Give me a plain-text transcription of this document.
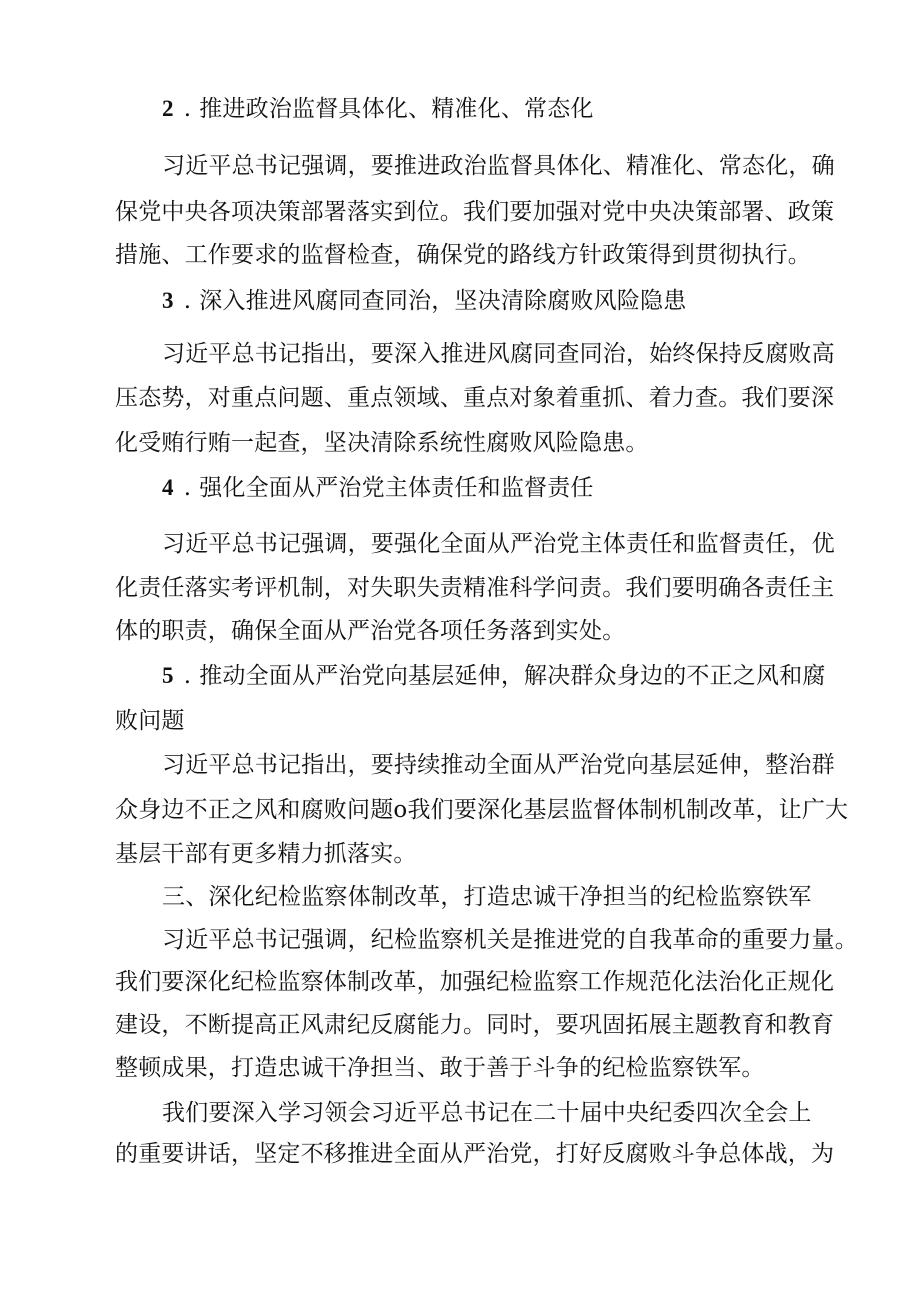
2 . 推进政治监督具体化、精准化、常态化
习近平总书记强调，要推进政治监督具体化、精准化、常态化，确
保党中央各项决策部署落实到位。我们要加强对党中央决策部署、政策
措施、工作要求的监督检查，确保党的路线方针政策得到贯彻执行。
3 . 深入推进风腐同查同治，坚决清除腐败风险隐患
习近平总书记指出，要深入推进风腐同查同治，始终保持反腐败高
压态势，对重点问题、重点领域、重点对象着重抓、着力查。我们要深
化受贿行贿一起查，坚决清除系统性腐败风险隐患。
4 . 强化全面从严治党主体责任和监督责任
习近平总书记强调，要强化全面从严治党主体责任和监督责任，优
化责任落实考评机制，对失职失责精准科学问责。我们要明确各责任主
体的职责，确保全面从严治党各项任务落到实处。
5 . 推动全面从严治党向基层延伸，解决群众身边的不正之风和腐
败问题
习近平总书记指出，要持续推动全面从严治党向基层延伸，整治群
众身边不正之风和腐败问题o我们要深化基层监督体制机制改革，让广大
基层干部有更多精力抓落实。
三、深化纪检监察体制改革，打造忠诚干净担当的纪检监察铁军
习近平总书记强调，纪检监察机关是推进党的自我革命的重要力量。
我们要深化纪检监察体制改革，加强纪检监察工作规范化法治化正规化
建设，不断提高正风肃纪反腐能力。同时，要巩固拓展主题教育和教育
整顿成果，打造忠诚干净担当、敢于善于斗争的纪检监察铁军。
我们要深入学习领会习近平总书记在二十届中央纪委四次全会上
的重要讲话，坚定不移推进全面从严治党，打好反腐败斗争总体战，为
